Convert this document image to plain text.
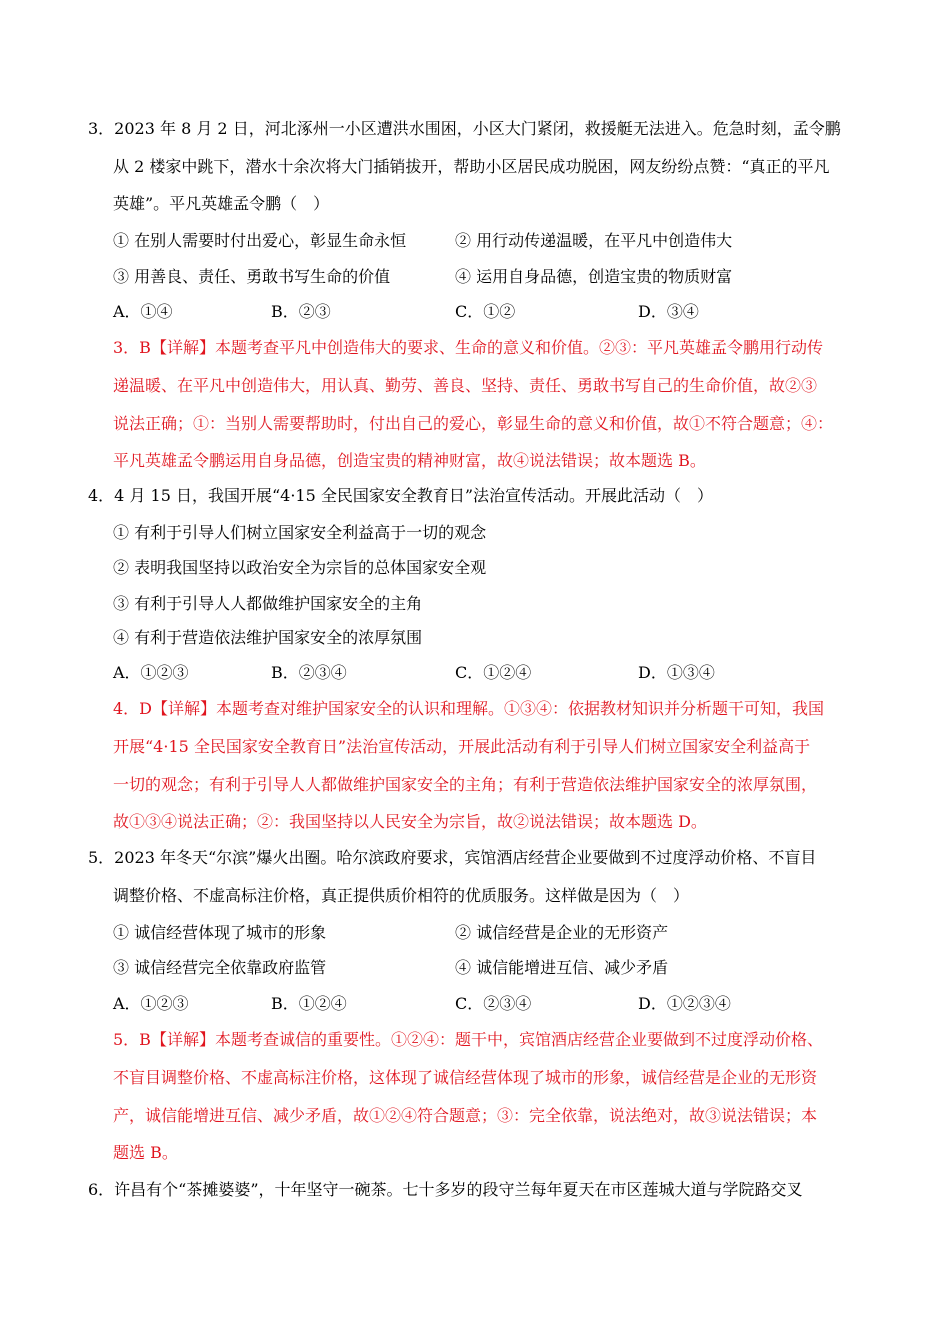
3．2023 年 8 月 2 日，河北涿州一小区遭洪水围困，小区大门紧闭，救援艇无法进入。危急时刻，孟令鹏
从 2 楼家中跳下，潜水十余次将大门插销拔开，帮助小区居民成功脱困，网友纷纷点赞：“真正的平凡
英雄”。平凡英雄孟令鹏（　）
① 在别人需要时付出爱心，彰显生命永恒	② 用行动传递温暖，在平凡中创造伟大
③ 用善良、责任、勇敢书写生命的价值	④ 运用自身品德，创造宝贵的物质财富
A．①④	B．②③	C．①②	D．③④
3．B【详解】本题考查平凡中创造伟大的要求、生命的意义和价值。②③：平凡英雄孟令鹏用行动传
递温暖、在平凡中创造伟大，用认真、勤劳、善良、坚持、责任、勇敢书写自己的生命价值，故②③
说法正确；①：当别人需要帮助时，付出自己的爱心，彰显生命的意义和价值，故①不符合题意；④：
平凡英雄孟令鹏运用自身品德，创造宝贵的精神财富，故④说法错误；故本题选 B。
4．4 月 15 日，我国开展“4·15 全民国家安全教育日”法治宣传活动。开展此活动（　）
① 有利于引导人们树立国家安全利益高于一切的观念
② 表明我国坚持以政治安全为宗旨的总体国家安全观
③ 有利于引导人人都做维护国家安全的主角
④ 有利于营造依法维护国家安全的浓厚氛围
A．①②③	B．②③④	C．①②④	D．①③④
4．D【详解】本题考查对维护国家安全的认识和理解。①③④：依据教材知识并分析题干可知，我国
开展“4·15 全民国家安全教育日”法治宣传活动，开展此活动有利于引导人们树立国家安全利益高于
一切的观念；有利于引导人人都做维护国家安全的主角；有利于营造依法维护国家安全的浓厚氛围，
故①③④说法正确；②：我国坚持以人民安全为宗旨，故②说法错误；故本题选 D。
5．2023 年冬天“尔滨”爆火出圈。哈尔滨政府要求，宾馆酒店经营企业要做到不过度浮动价格、不盲目
调整价格、不虚高标注价格，真正提供质价相符的优质服务。这样做是因为（　）
① 诚信经营体现了城市的形象	② 诚信经营是企业的无形资产
③ 诚信经营完全依靠政府监管	④ 诚信能增进互信、减少矛盾
A．①②③	B．①②④	C．②③④	D．①②③④
5．B【详解】本题考查诚信的重要性。①②④：题干中，宾馆酒店经营企业要做到不过度浮动价格、
不盲目调整价格、不虚高标注价格，这体现了诚信经营体现了城市的形象，诚信经营是企业的无形资
产，诚信能增进互信、减少矛盾，故①②④符合题意；③：完全依靠，说法绝对，故③说法错误；本
题选 B。
6．许昌有个“茶摊婆婆”，十年坚守一碗茶。七十多岁的段守兰每年夏天在市区莲城大道与学院路交叉
